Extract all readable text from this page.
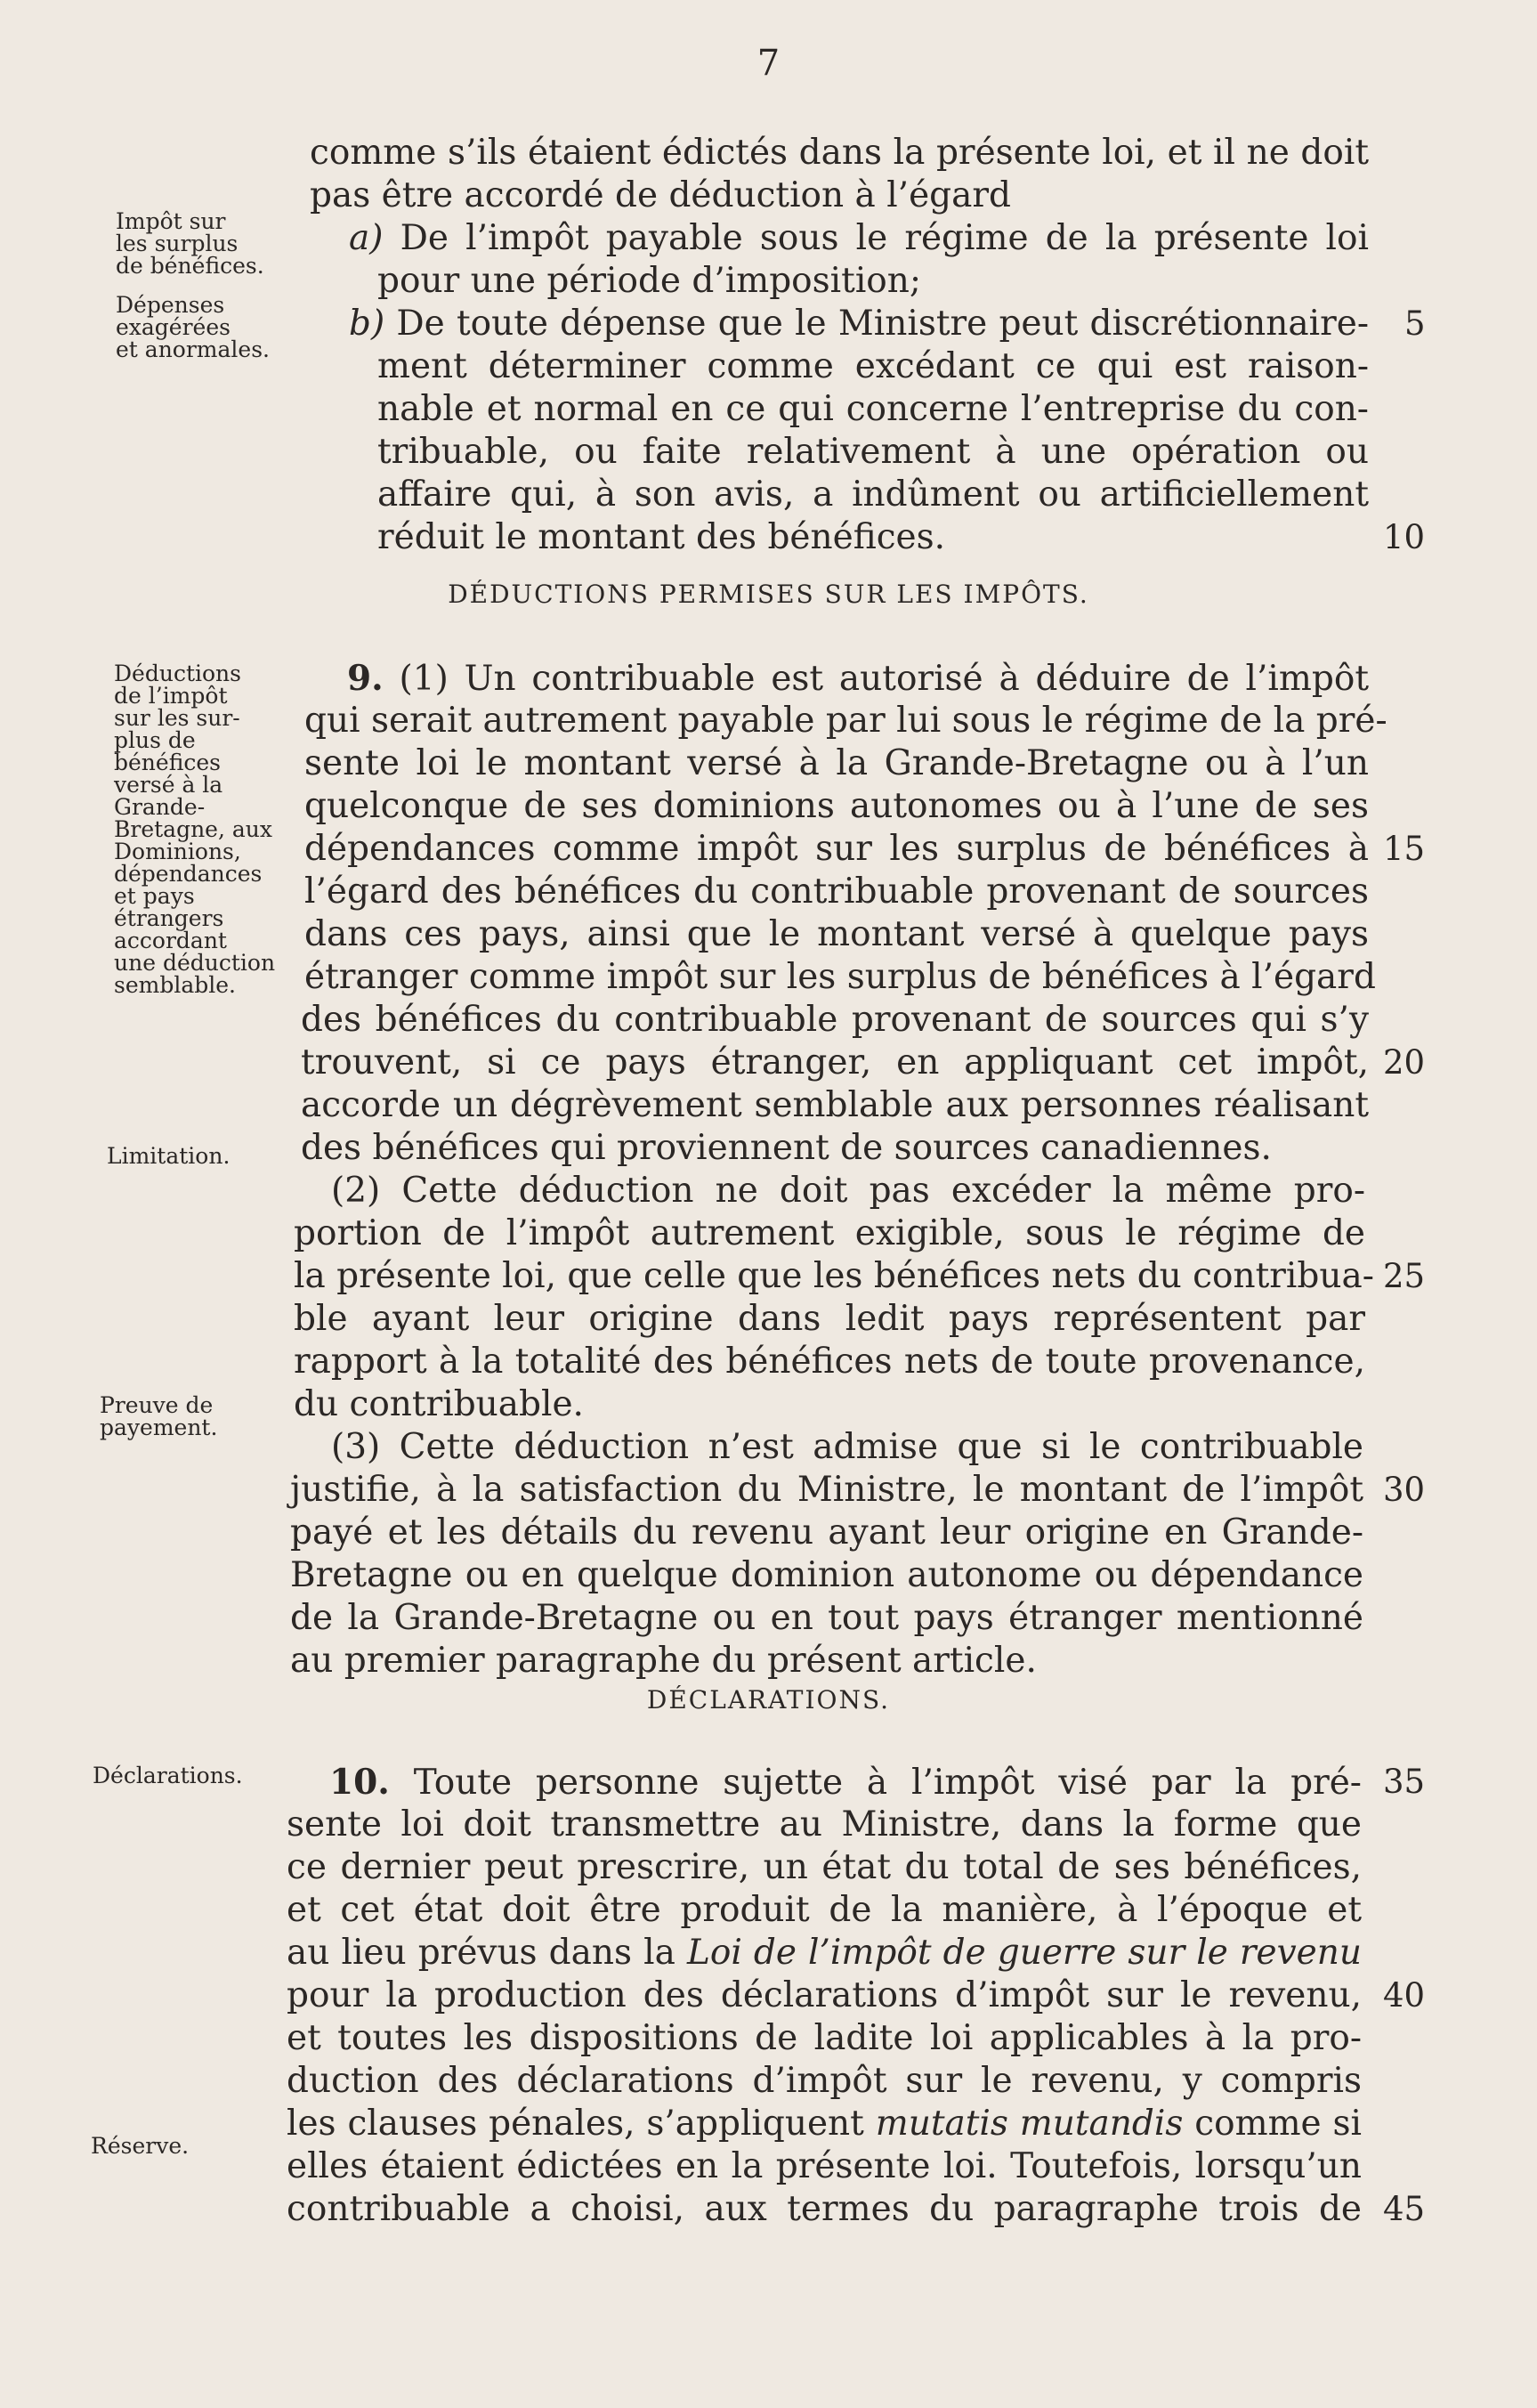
7
DÉDUCTIONS PERMISES SUR LES IMPÔTS.
DÉCLARATIONS.

comme s’ils étaient édictés dans la présente loi, et il ne doit

pas être accordé de déduction à l’égard

a) De l’impôt payable sous le régime de la présente loi

pour une période d’imposition;

b) De toute dépense que le Ministre peut discrétionnaire-

ment déterminer comme excédant ce qui est raison-

nable et normal en ce qui concerne l’entreprise du con-

tribuable, ou faite relativement à une opération ou

affaire qui, à son avis, a indûment ou artificiellement

réduit le montant des bénéfices.

9. (1) Un contribuable est autorisé à déduire de l’impôt

qui serait autrement payable par lui sous le régime de la pré-

sente loi le montant versé à la Grande-Bretagne ou à l’un

quelconque de ses dominions autonomes ou à l’une de ses

dépendances comme impôt sur les surplus de bénéfices à

l’égard des bénéfices du contribuable provenant de sources

dans ces pays, ainsi que le montant versé à quelque pays

étranger comme impôt sur les surplus de bénéfices à l’égard

des bénéfices du contribuable provenant de sources qui s’y

trouvent, si ce pays étranger, en appliquant cet impôt,

accorde un dégrèvement semblable aux personnes réalisant

des bénéfices qui proviennent de sources canadiennes.

(2) Cette déduction ne doit pas excéder la même pro-

portion de l’impôt autrement exigible, sous le régime de

la présente loi, que celle que les bénéfices nets du contribua-

ble ayant leur origine dans ledit pays représentent par

rapport à la totalité des bénéfices nets de toute provenance,

du contribuable.

(3) Cette déduction n’est admise que si le contribuable

justifie, à la satisfaction du Ministre, le montant de l’impôt

payé et les détails du revenu ayant leur origine en Grande-

Bretagne ou en quelque dominion autonome ou dépendance

de la Grande-Bretagne ou en tout pays étranger mentionné

au premier paragraphe du présent article.

10. Toute personne sujette à l’impôt visé par la pré-

sente loi doit transmettre au Ministre, dans la forme que

ce dernier peut prescrire, un état du total de ses bénéfices,

et cet état doit être produit de la manière, à l’époque et

au lieu prévus dans la Loi de l’impôt de guerre sur le revenu

pour la production des déclarations d’impôt sur le revenu,

et toutes les dispositions de ladite loi applicables à la pro-

duction des déclarations d’impôt sur le revenu, y compris

les clauses pénales, s’appliquent mutatis mutandis comme si

elles étaient édictées en la présente loi. Toutefois, lorsqu’un

contribuable a choisi, aux termes du paragraphe trois de

Impôt sur

les surplus

de bénéfices.

Dépenses

exagérées

et anormales.

Déductions

de l’impôt

sur les sur-

plus de

bénéfices

versé à la

Grande-

Bretagne, aux

Dominions,

dépendances

et pays

étrangers

accordant

une déduction

semblable.

Limitation.

Preuve de

payement.

Déclarations.

Réserve.

5
10
15
20
25
30
35
40
45
